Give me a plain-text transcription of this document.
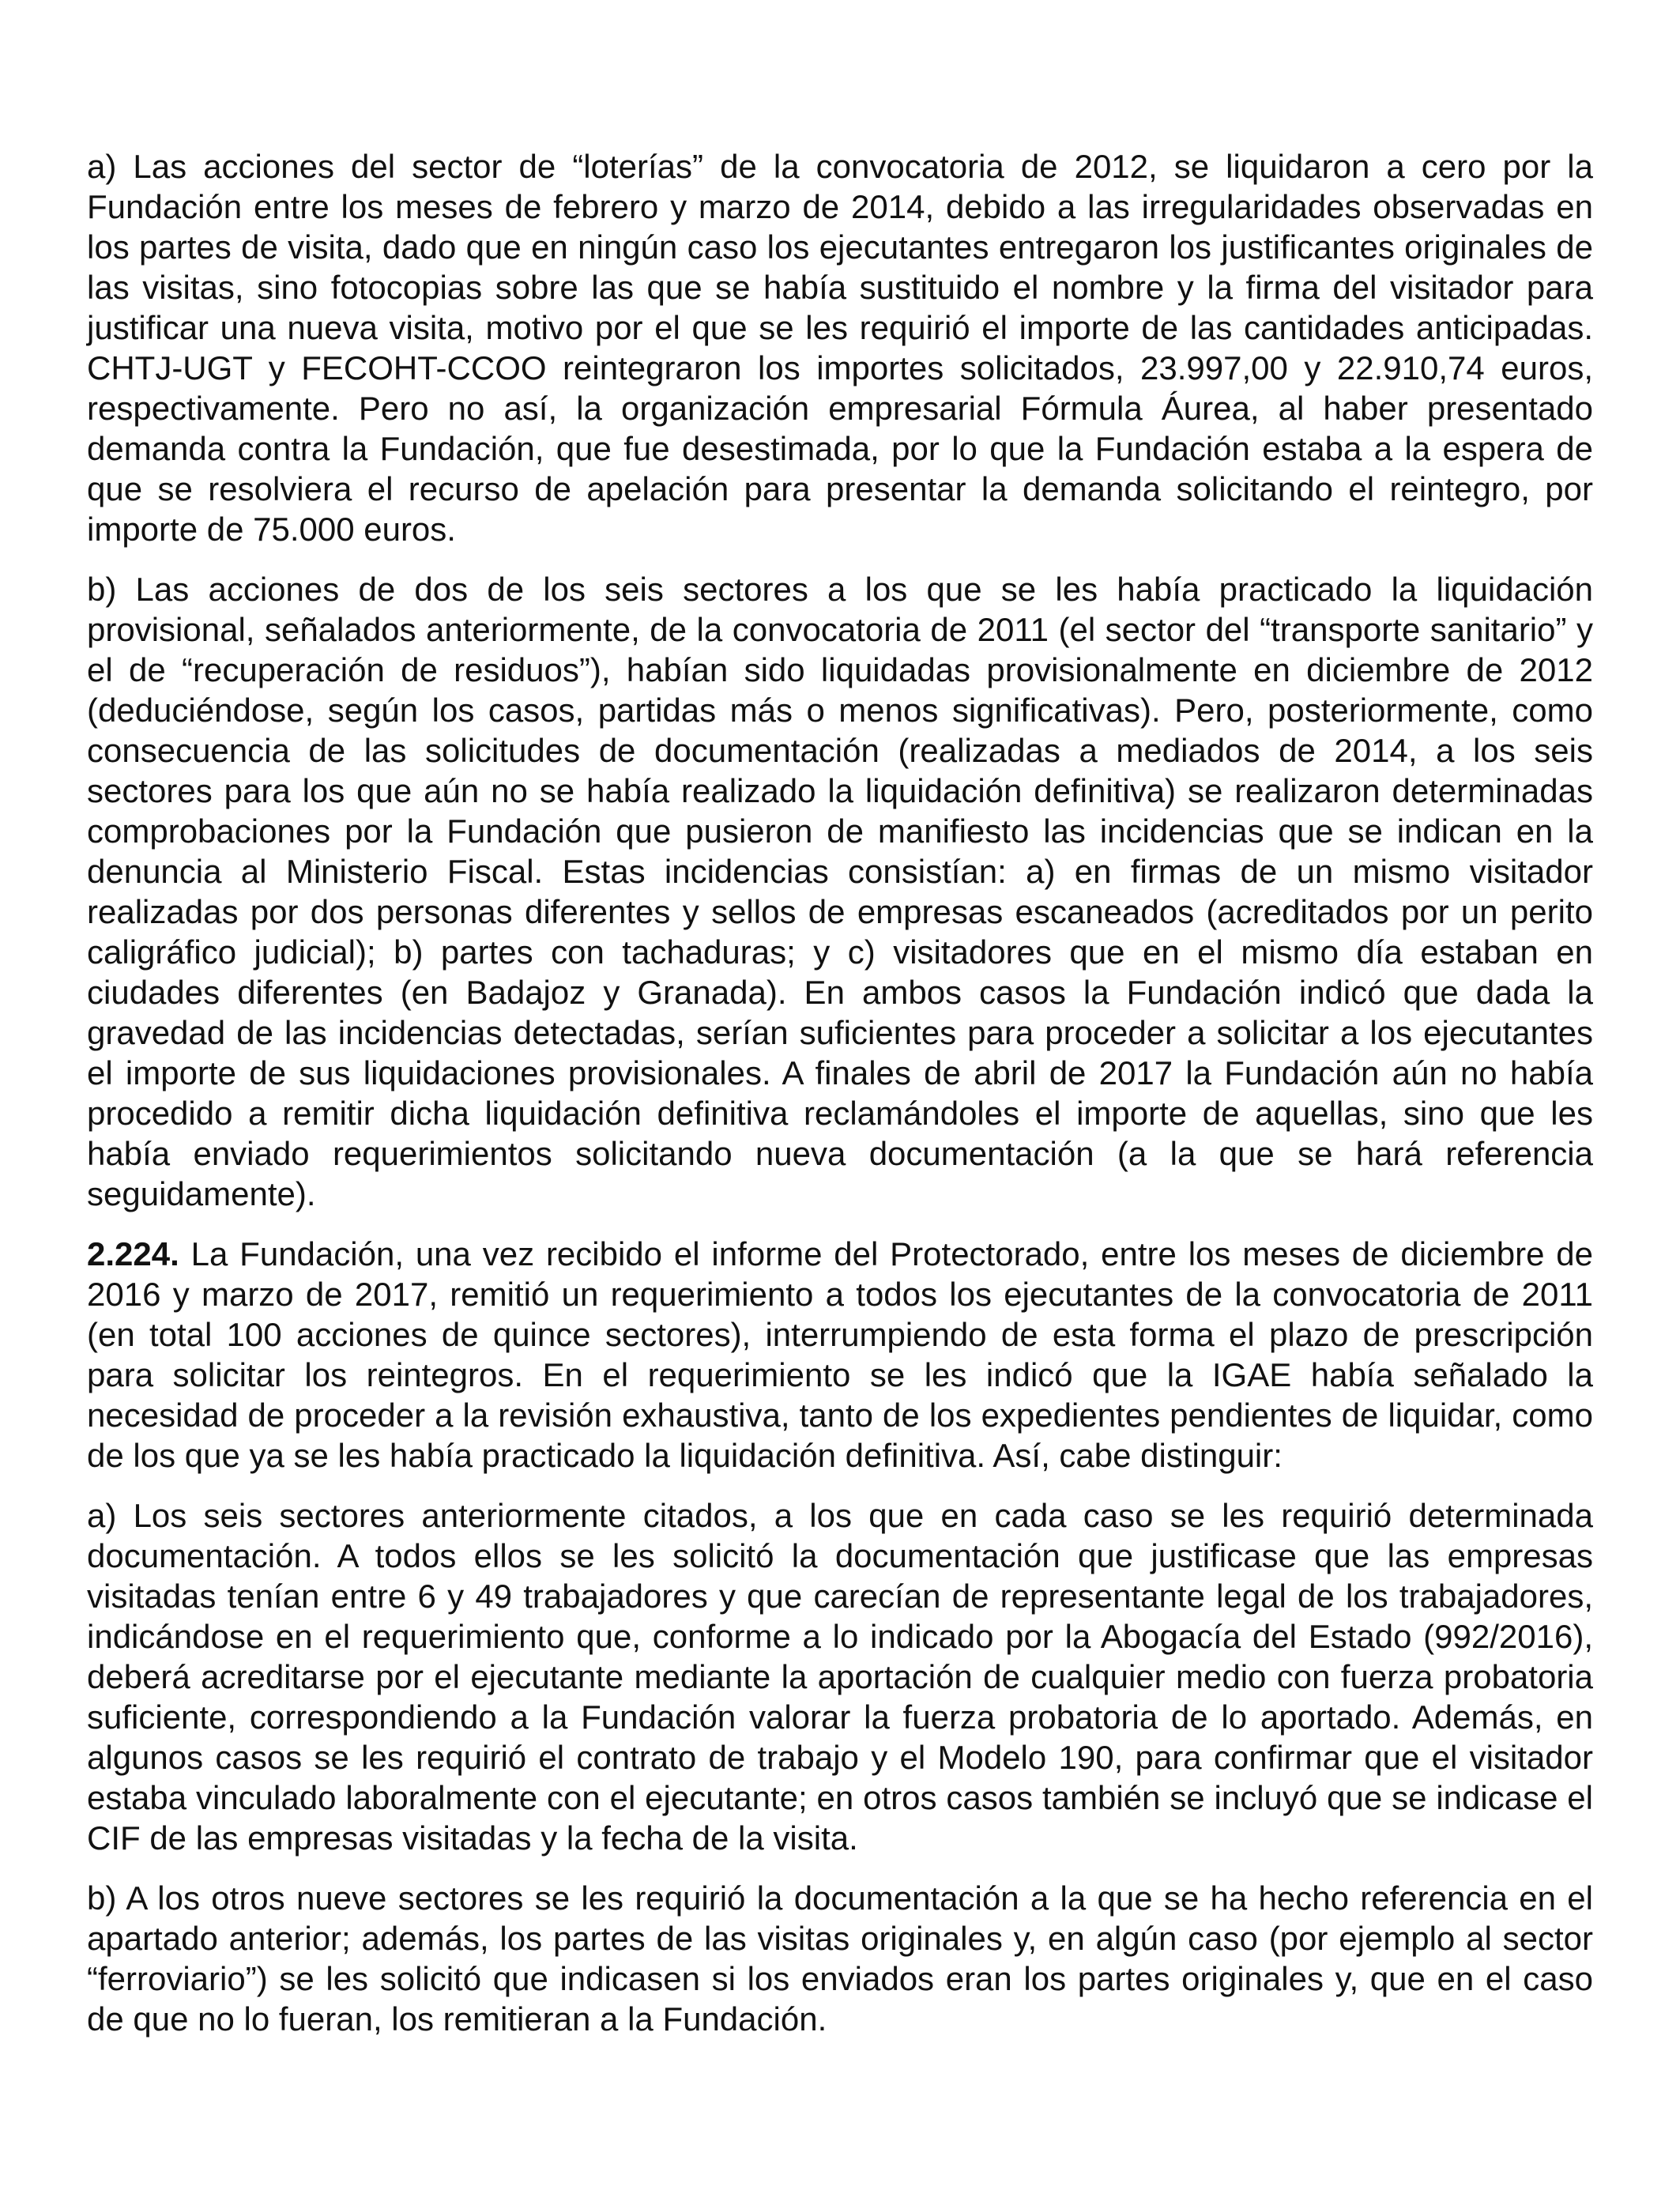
a) Las acciones del sector de “loterías” de la convocatoria de 2012, se liquidaron a cero por la Fundación entre los meses de febrero y marzo de 2014, debido a las irregularidades observadas en los partes de visita, dado que en ningún caso los ejecutantes entregaron los justificantes originales de las visitas, sino fotocopias sobre las que se había sustituido el nombre y la firma del visitador para justificar una nueva visita, motivo por el que se les requirió el importe de las cantidades anticipadas. CHTJ-UGT y FECOHT-CCOO reintegraron los importes solicitados, 23.997,00 y 22.910,74 euros, respectivamente. Pero no así, la organización empresarial Fórmula Áurea, al haber presentado demanda contra la Fundación, que fue desestimada, por lo que la Fundación estaba a la espera de que se resolviera el recurso de apelación para presentar la demanda solicitando el reintegro, por importe de 75.000 euros.

b) Las acciones de dos de los seis sectores a los que se les había practicado la liquidación provisional, señalados anteriormente, de la convocatoria de 2011 (el sector del “transporte sanitario” y el de “recuperación de residuos”), habían sido liquidadas provisionalmente en diciembre de 2012 (deduciéndose, según los casos, partidas más o menos significativas). Pero, posteriormente, como consecuencia de las solicitudes de documentación (realizadas a mediados de 2014, a los seis sectores para los que aún no se había realizado la liquidación definitiva) se realizaron determinadas comprobaciones por la Fundación que pusieron de manifiesto las incidencias que se indican en la denuncia al Ministerio Fiscal. Estas incidencias consistían: a) en firmas de un mismo visitador realizadas por dos personas diferentes y sellos de empresas escaneados (acreditados por un perito caligráfico judicial); b) partes con tachaduras; y c) visitadores que en el mismo día estaban en ciudades diferentes (en Badajoz y Granada). En ambos casos la Fundación indicó que dada la gravedad de las incidencias detectadas, serían suficientes para proceder a solicitar a los ejecutantes el importe de sus liquidaciones provisionales. A finales de abril de 2017 la Fundación aún no había procedido a remitir dicha liquidación definitiva reclamándoles el importe de aquellas, sino que les había enviado requerimientos solicitando nueva documentación (a la que se hará referencia seguidamente).

2.224. La Fundación, una vez recibido el informe del Protectorado, entre los meses de diciembre de 2016 y marzo de 2017, remitió un requerimiento a todos los ejecutantes de la convocatoria de 2011 (en total 100 acciones de quince sectores), interrumpiendo de esta forma el plazo de prescripción para solicitar los reintegros. En el requerimiento se les indicó que la IGAE había señalado la necesidad de proceder a la revisión exhaustiva, tanto de los expedientes pendientes de liquidar, como de los que ya se les había practicado la liquidación definitiva. Así, cabe distinguir:

a) Los seis sectores anteriormente citados, a los que en cada caso se les requirió determinada documentación. A todos ellos se les solicitó la documentación que justificase que las empresas visitadas tenían entre 6 y 49 trabajadores y que carecían de representante legal de los trabajadores, indicándose en el requerimiento que, conforme a lo indicado por la Abogacía del Estado (992/2016), deberá acreditarse por el ejecutante mediante la aportación de cualquier medio con fuerza probatoria suficiente, correspondiendo a la Fundación valorar la fuerza probatoria de lo aportado. Además, en algunos casos se les requirió el contrato de trabajo y el Modelo 190, para confirmar que el visitador estaba vinculado laboralmente con el ejecutante; en otros casos también se incluyó que se indicase el CIF de las empresas visitadas y la fecha de la visita.

b) A los otros nueve sectores se les requirió la documentación a la que se ha hecho referencia en el apartado anterior; además, los partes de las visitas originales y, en algún caso (por ejemplo al sector “ferroviario”) se les solicitó que indicasen si los enviados eran los partes originales y, que en el caso de que no lo fueran, los remitieran a la Fundación.
